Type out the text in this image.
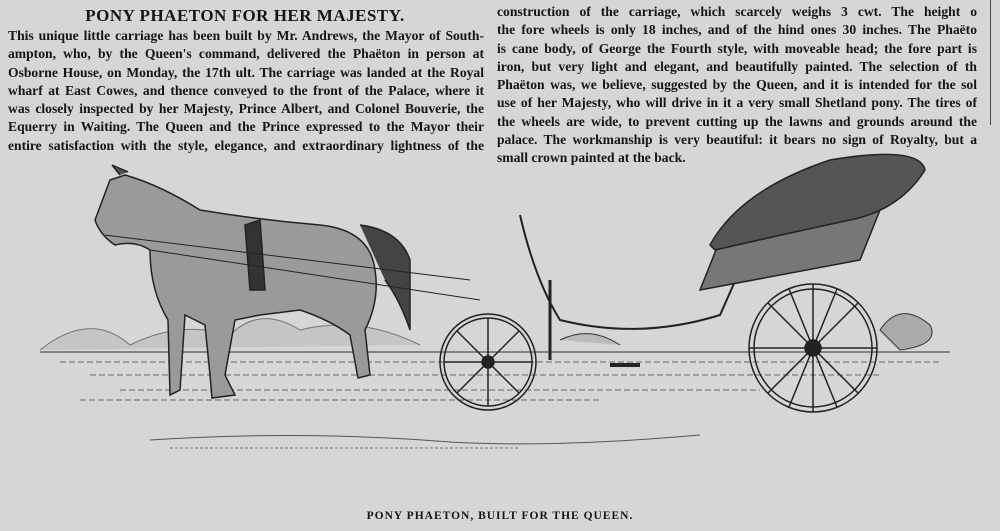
PONY PHAETON FOR HER MAJESTY.
This unique little carriage has been built by Mr. Andrews, the Mayor of South-
ampton, who, by the Queen's command, delivered the Phaëton in person at
Osborne House, on Monday, the 17th ult. The carriage was landed at the Royal
wharf at East Cowes, and thence conveyed to the front of the Palace, where it
was closely inspected by her Majesty, Prince Albert, and Colonel Bouverie, the
Equerry in Waiting. The Queen and the Prince expressed to the Mayor their
entire satisfaction with the style, elegance, and extraordinary lightness of the
construction of the carriage, which scarcely weighs 3 cwt. The height o
the fore wheels is only 18 inches, and of the hind ones 30 inches. The Phaëto
is cane body, of George the Fourth style, with moveable head; the fore part is
iron, but very light and elegant, and beautifully painted. The selection of th
Phaëton was, we believe, suggested by the Queen, and it is intended for the sol
use of her Majesty, who will drive in it a very small Shetland pony. The tires of
the wheels are wide, to prevent cutting up the lawns and grounds around the
palace. The workmanship is very beautiful: it bears no sign of Royalty, but a
small crown painted at the back.
PONY PHAETON, BUILT FOR THE QUEEN.
